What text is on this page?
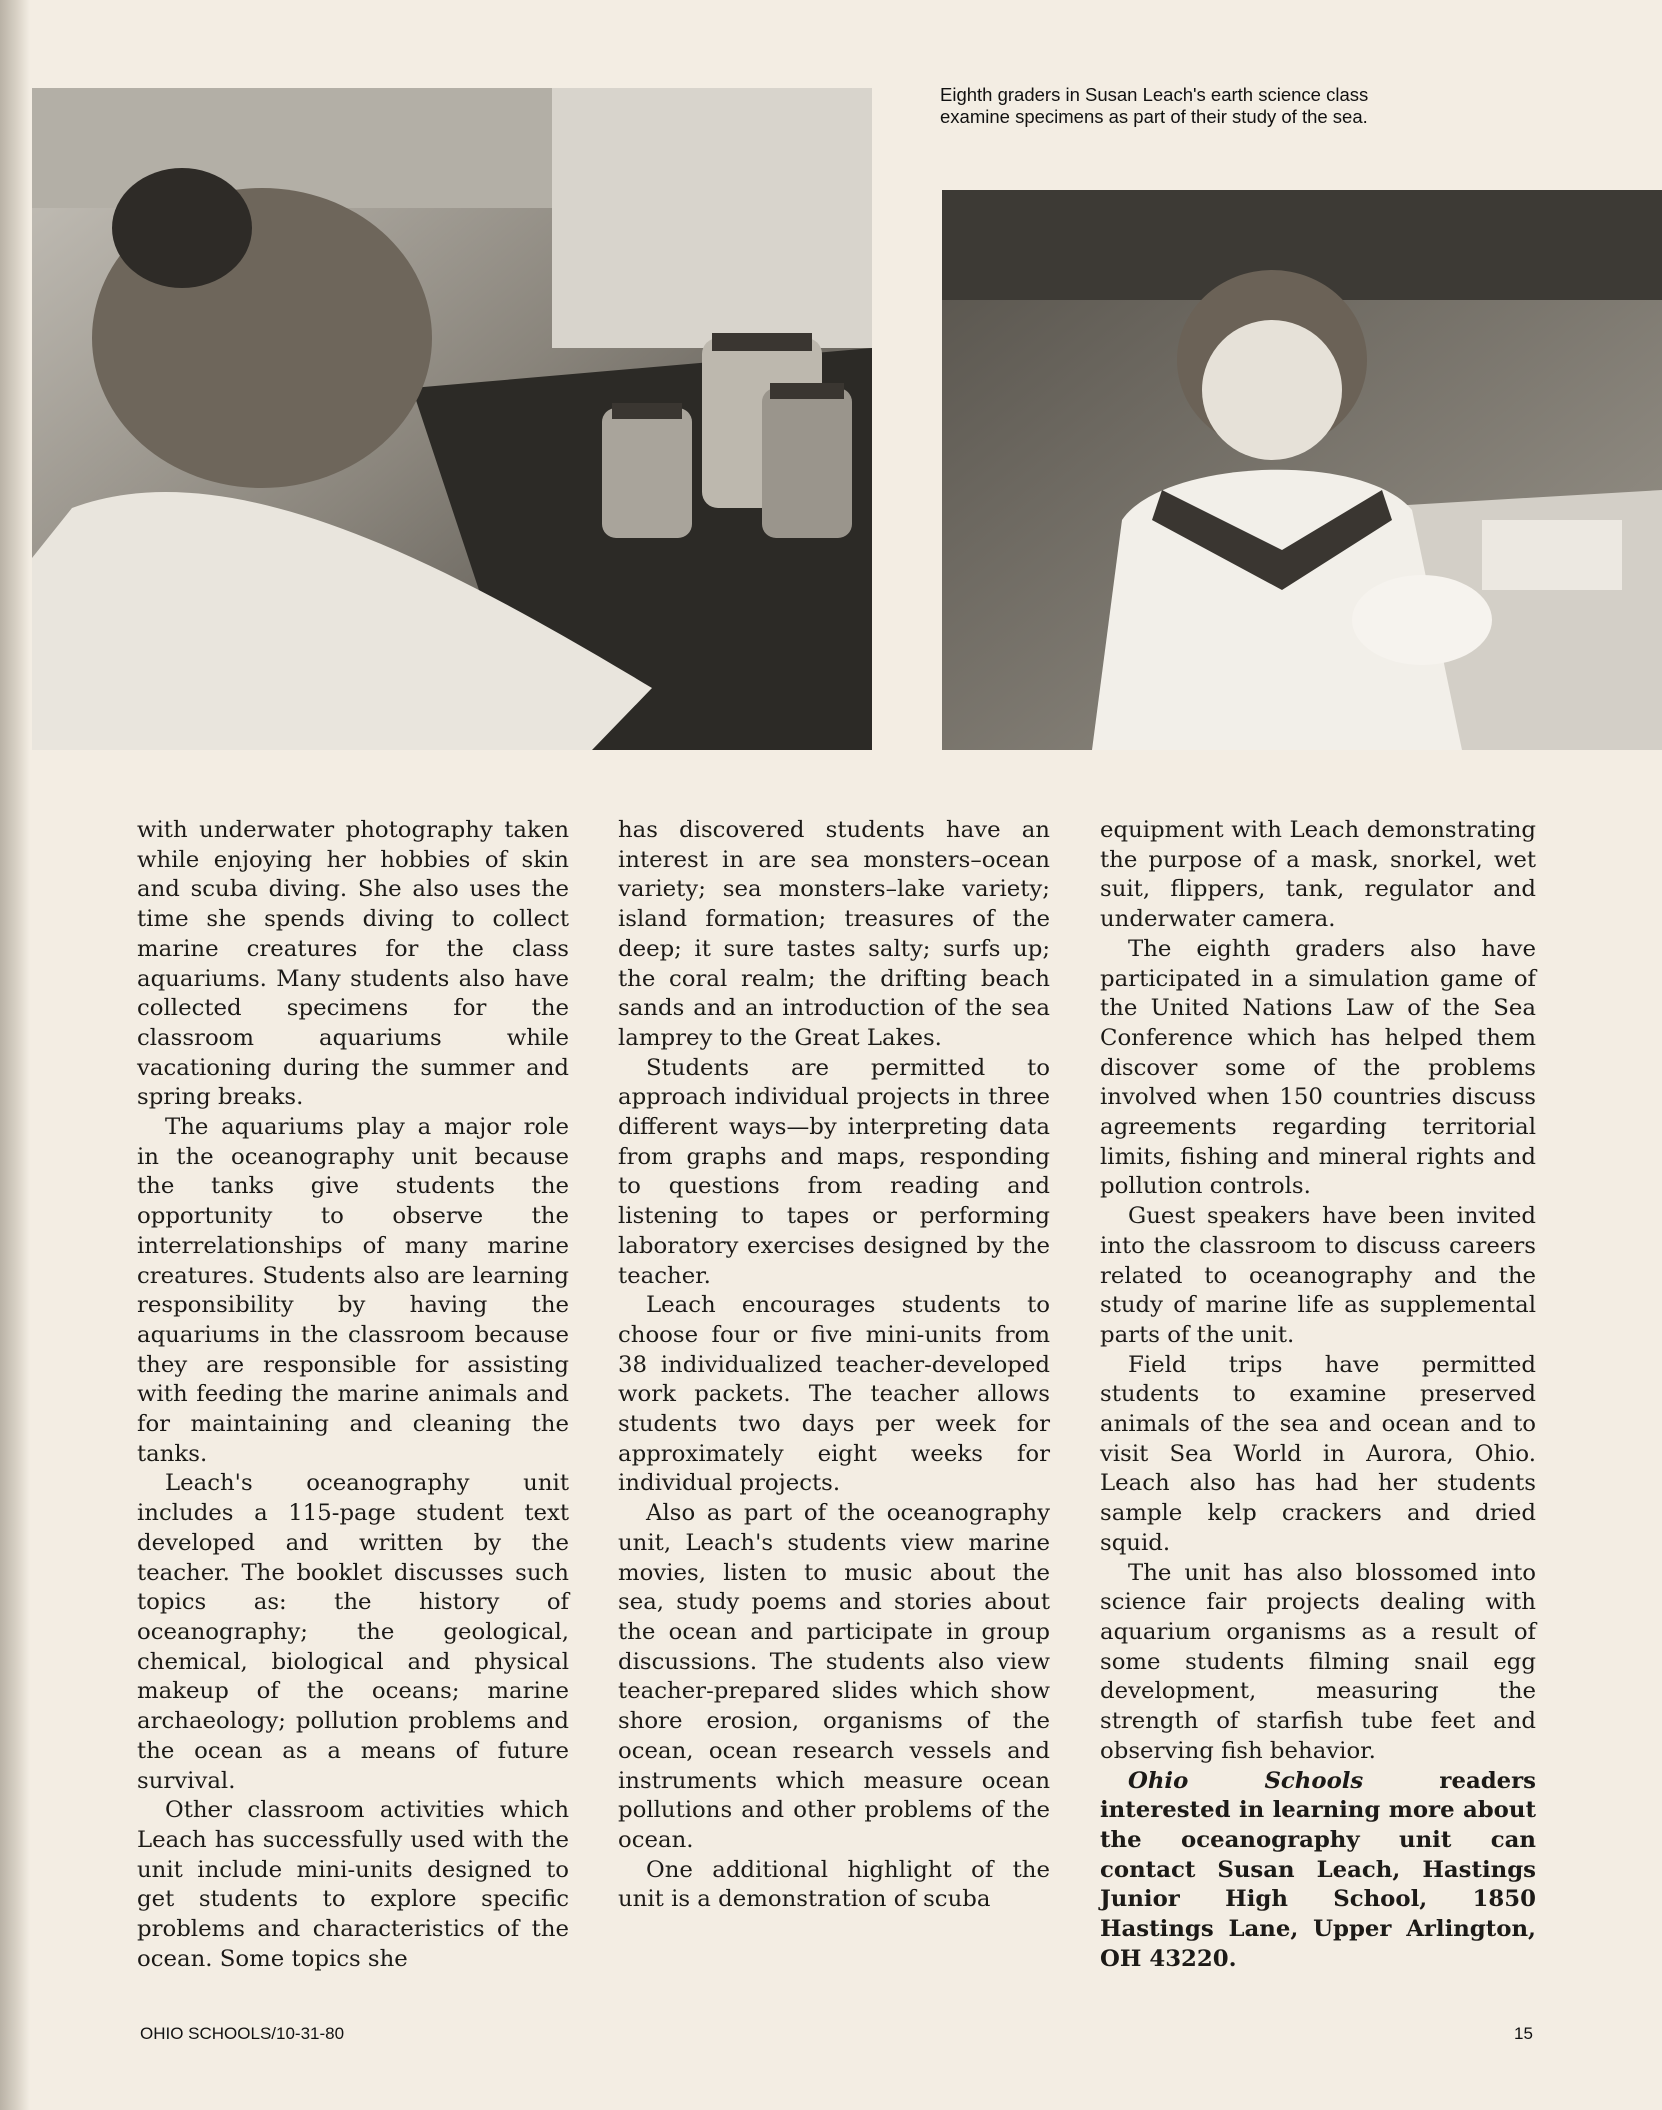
Eighth graders in Susan Leach's earth science class examine specimens as part of their study of the sea.

with underwater photography taken while enjoying her hobbies of skin and scuba diving. She also uses the time she spends diving to collect marine creatures for the class aquariums. Many students also have collected specimens for the classroom aquariums while vacationing during the summer and spring breaks.

The aquariums play a major role in the oceanography unit because the tanks give students the opportunity to observe the interrelationships of many marine creatures. Students also are learning responsibility by having the aquariums in the classroom because they are responsible for assisting with feeding the marine animals and for maintaining and cleaning the tanks.

Leach's oceanography unit includes a 115-page student text developed and written by the teacher. The booklet discusses such topics as: the history of oceanography; the geological, chemical, biological and physical makeup of the oceans; marine archaeology; pollution problems and the ocean as a means of future survival.

Other classroom activities which Leach has successfully used with the unit include mini-units designed to get students to explore specific problems and characteristics of the ocean. Some topics she

has discovered students have an interest in are sea monsters–ocean variety; sea monsters–lake variety; island formation; treasures of the deep; it sure tastes salty; surfs up; the coral realm; the drifting beach sands and an introduction of the sea lamprey to the Great Lakes.

Students are permitted to approach individual projects in three different ways—by interpreting data from graphs and maps, responding to questions from reading and listening to tapes or performing laboratory exercises designed by the teacher.

Leach encourages students to choose four or five mini-units from 38 individualized teacher-developed work packets. The teacher allows students two days per week for approximately eight weeks for individual projects.

Also as part of the oceanography unit, Leach's students view marine movies, listen to music about the sea, study poems and stories about the ocean and participate in group discussions. The students also view teacher-prepared slides which show shore erosion, organisms of the ocean, ocean research vessels and instruments which measure ocean pollutions and other problems of the ocean.

One additional highlight of the unit is a demonstration of scuba

equipment with Leach demonstrating the purpose of a mask, snorkel, wet suit, flippers, tank, regulator and underwater camera.

The eighth graders also have participated in a simulation game of the United Nations Law of the Sea Conference which has helped them discover some of the problems involved when 150 countries discuss agreements regarding territorial limits, fishing and mineral rights and pollution controls.

Guest speakers have been invited into the classroom to discuss careers related to oceanography and the study of marine life as supplemental parts of the unit.

Field trips have permitted students to examine preserved animals of the sea and ocean and to visit Sea World in Aurora, Ohio. Leach also has had her students sample kelp crackers and dried squid.

The unit has also blossomed into science fair projects dealing with aquarium organisms as a result of some students filming snail egg development, measuring the strength of starfish tube feet and observing fish behavior.

Ohio Schools readers interested in learning more about the oceanography unit can contact Susan Leach, Hastings Junior High School, 1850 Hastings Lane, Upper Arlington, OH 43220.

OHIO SCHOOLS/10-31-80	15
